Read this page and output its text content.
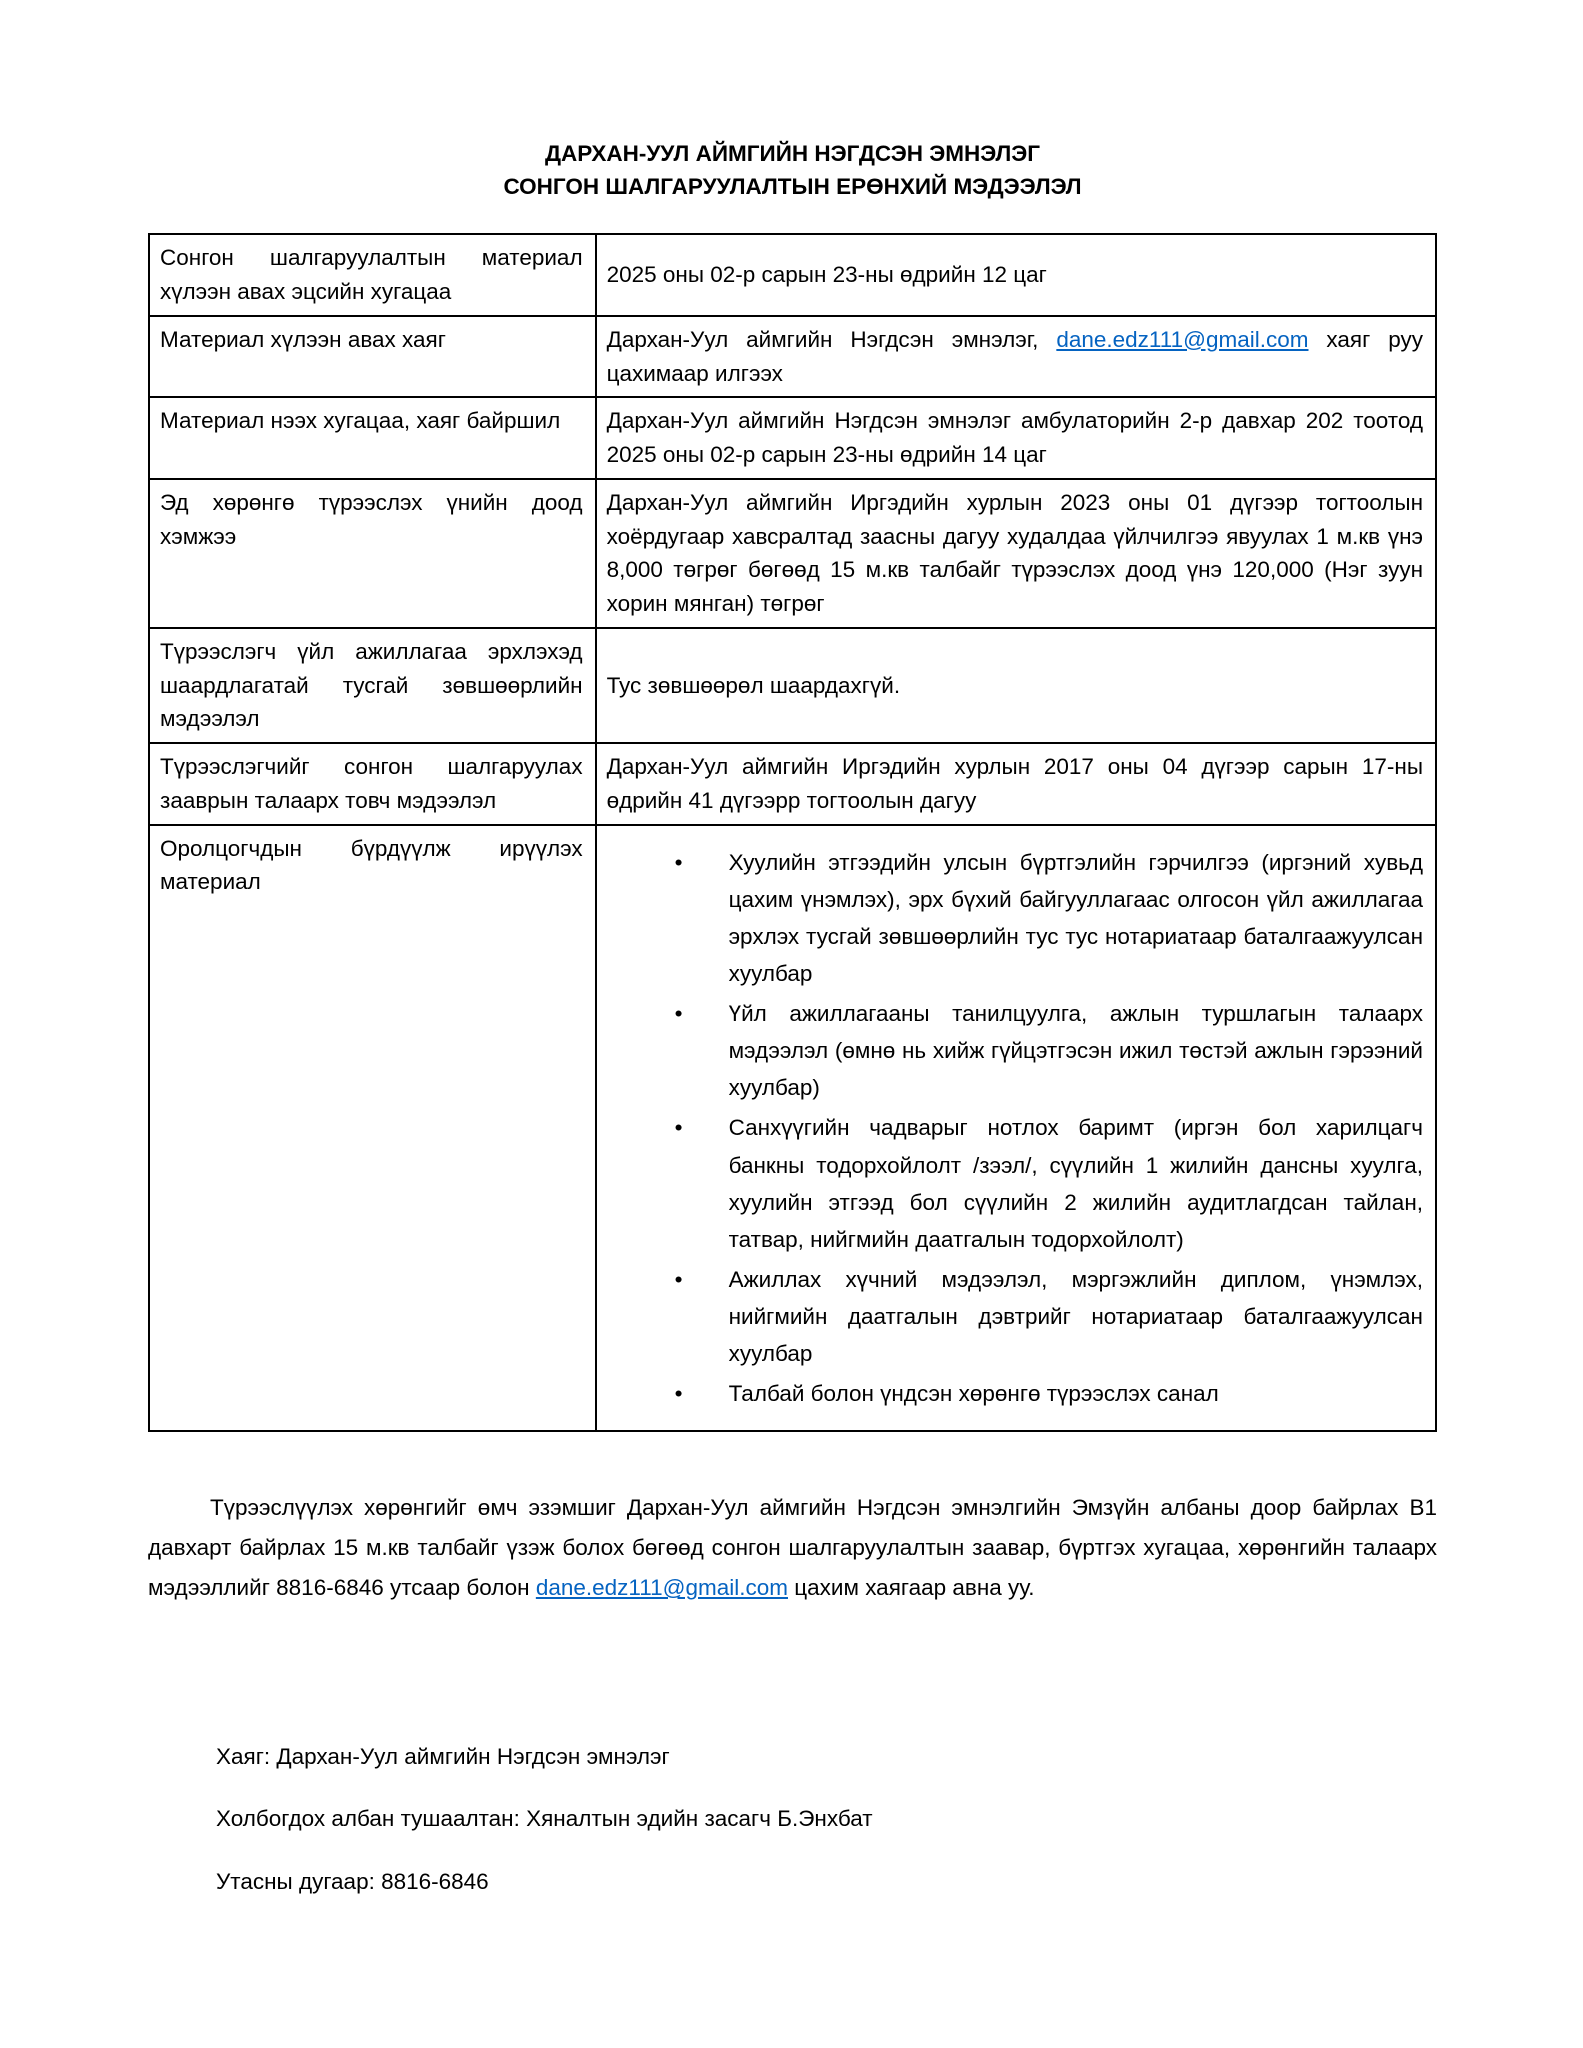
ДАРХАН-УУЛ АЙМГИЙН НЭГДСЭН ЭМНЭЛЭГ
СОНГОН ШАЛГАРУУЛАЛТЫН ЕРӨНХИЙ МЭДЭЭЛЭЛ
Сонгон шалгаруулалтын материал хүлээн авах эцсийн хугацаа	2025 оны 02-р сарын 23-ны өдрийн 12 цаг
Материал хүлээн авах хаяг	Дархан-Уул аймгийн Нэгдсэн эмнэлэг, dane.edz111@gmail.com хаяг руу цахимаар илгээх
Материал нээх хугацаа, хаяг байршил	Дархан-Уул аймгийн Нэгдсэн эмнэлэг амбулаторийн 2-р давхар 202 тоотод 2025 оны 02-р сарын 23-ны өдрийн 14 цаг
Эд хөрөнгө түрээслэх үнийн доод хэмжээ	Дархан-Уул аймгийн Иргэдийн хурлын 2023 оны 01 дүгээр тогтоолын хоёрдугаар хавсралтад заасны дагуу худалдаа үйлчилгээ явуулах 1 м.кв үнэ 8,000 төгрөг бөгөөд 15 м.кв талбайг түрээслэх доод үнэ 120,000 (Нэг зуун хорин мянган) төгрөг
Түрээслэгч үйл ажиллагаа эрхлэхэд шаардлагатай тусгай зөвшөөрлийн мэдээлэл	Тус зөвшөөрөл шаардахгүй.
Түрээслэгчийг сонгон шалгаруулах зааврын талаарх товч мэдээлэл	Дархан-Уул аймгийн Иргэдийн хурлын 2017 оны 04 дүгээр сарын 17-ны өдрийн 41 дүгээрр тогтоолын дагуу
Оролцогчдын бүрдүүлж ирүүлэх материал	
• Хуулийн этгээдийн улсын бүртгэлийн гэрчилгээ (иргэний хувьд цахим үнэмлэх), эрх бүхий байгууллагаас олгосон үйл ажиллагаа эрхлэх тусгай зөвшөөрлийн тус тус нотариатаар баталгаажуулсан хуулбар
• Үйл ажиллагааны танилцуулга, ажлын туршлагын талаарх мэдээлэл (өмнө нь хийж гүйцэтгэсэн ижил төстэй ажлын гэрээний хуулбар)
• Санхүүгийн чадварыг нотлох баримт (иргэн бол харилцагч банкны тодорхойлолт /зээл/, сүүлийн 1 жилийн дансны хуулга, хуулийн этгээд бол сүүлийн 2 жилийн аудитлагдсан тайлан, татвар, нийгмийн даатгалын тодорхойлолт)
• Ажиллах хүчний мэдээлэл, мэргэжлийн диплом, үнэмлэх, нийгмийн даатгалын дэвтрийг нотариатаар баталгаажуулсан хуулбар
• Талбай болон үндсэн хөрөнгө түрээслэх санал

Түрээслүүлэх хөрөнгийг өмч эзэмшиг Дархан-Уул аймгийн Нэгдсэн эмнэлгийн Эмзүйн албаны доор байрлах В1 давхарт байрлах 15 м.кв талбайг үзэж болох бөгөөд сонгон шалгаруулалтын заавар, бүртгэх хугацаа, хөрөнгийн талаарх мэдээллийг 8816-6846 утсаар болон dane.edz111@gmail.com цахим хаягаар авна уу.

Хаяг: Дархан-Уул аймгийн Нэгдсэн эмнэлэг

Холбогдох албан тушаалтан: Хяналтын эдийн засагч Б.Энхбат

Утасны дугаар: 8816-6846
